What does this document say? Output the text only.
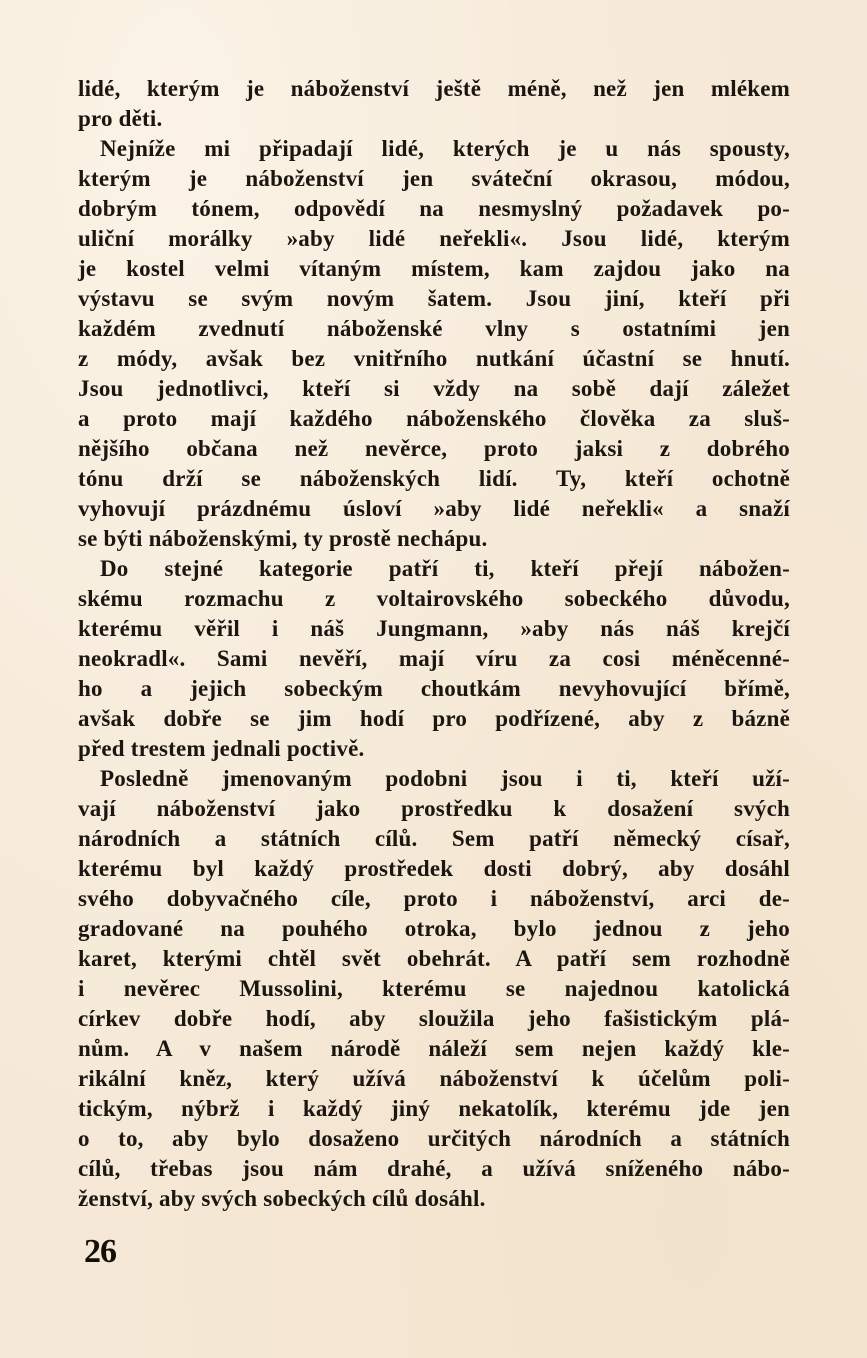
lidé, kterým je náboženství ještě méně, než jen mlékem
pro děti.
Nejníže mi připadají lidé, kterých je u nás spousty,
kterým je náboženství jen sváteční okrasou, módou,
dobrým tónem, odpovědí na nesmyslný požadavek po-
uliční morálky »aby lidé neřekli«. Jsou lidé, kterým
je kostel velmi vítaným místem, kam zajdou jako na
výstavu se svým novým šatem. Jsou jiní, kteří při
každém zvednutí náboženské vlny s ostatními jen
z módy, avšak bez vnitřního nutkání účastní se hnutí.
Jsou jednotlivci, kteří si vždy na sobě dají záležet
a proto mají každého náboženského člověka za sluš-
nějšího občana než nevěrce, proto jaksi z dobrého
tónu drží se náboženských lidí. Ty, kteří ochotně
vyhovují prázdnému úsloví »aby lidé neřekli« a snaží
se býti náboženskými, ty prostě nechápu.
Do stejné kategorie patří ti, kteří přejí nábožen-
skému rozmachu z voltairovského sobeckého důvodu,
kterému věřil i náš Jungmann, »aby nás náš krejčí
neokradl«. Sami nevěří, mají víru za cosi méněcenné-
ho a jejich sobeckým choutkám nevyhovující břímě,
avšak dobře se jim hodí pro podřízené, aby z bázně
před trestem jednali poctivě.
Posledně jmenovaným podobni jsou i ti, kteří uží-
vají náboženství jako prostředku k dosažení svých
národních a státních cílů. Sem patří německý císař,
kterému byl každý prostředek dosti dobrý, aby dosáhl
svého dobyvačného cíle, proto i náboženství, arci de-
gradované na pouhého otroka, bylo jednou z jeho
karet, kterými chtěl svět obehrát. A patří sem rozhodně
i nevěrec Mussolini, kterému se najednou katolická
církev dobře hodí, aby sloužila jeho fašistickým plá-
nům. A v našem národě náleží sem nejen každý kle-
rikální kněz, který užívá náboženství k účelům poli-
tickým, nýbrž i každý jiný nekatolík, kterému jde jen
o to, aby bylo dosaženo určitých národních a státních
cílů, třebas jsou nám drahé, a užívá sníženého nábo-
ženství, aby svých sobeckých cílů dosáhl.
26
